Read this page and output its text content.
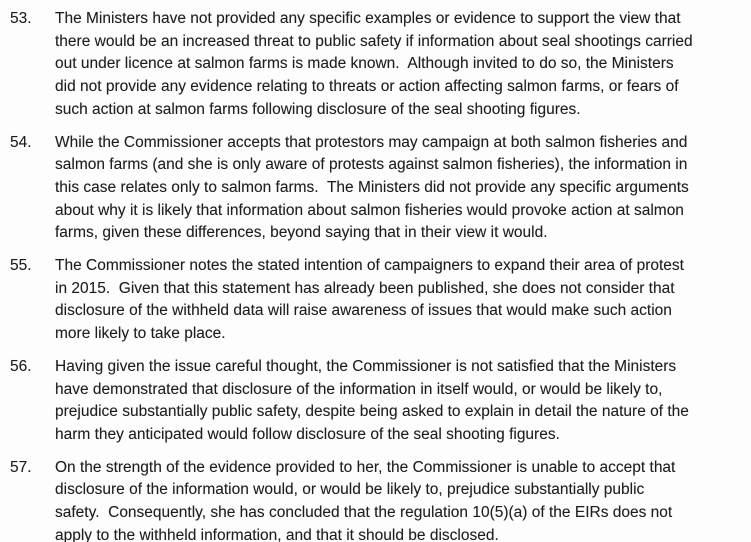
53.	The Ministers have not provided any specific examples or evidence to support the view that
there would be an increased threat to public safety if information about seal shootings carried
out under licence at salmon farms is made known.  Although invited to do so, the Ministers
did not provide any evidence relating to threats or action affecting salmon farms, or fears of
such action at salmon farms following disclosure of the seal shooting figures.
54.	While the Commissioner accepts that protestors may campaign at both salmon fisheries and
salmon farms (and she is only aware of protests against salmon fisheries), the information in
this case relates only to salmon farms.  The Ministers did not provide any specific arguments
about why it is likely that information about salmon fisheries would provoke action at salmon
farms, given these differences, beyond saying that in their view it would.
55.	The Commissioner notes the stated intention of campaigners to expand their area of protest
in 2015.  Given that this statement has already been published, she does not consider that
disclosure of the withheld data will raise awareness of issues that would make such action
more likely to take place.
56.	Having given the issue careful thought, the Commissioner is not satisfied that the Ministers
have demonstrated that disclosure of the information in itself would, or would be likely to,
prejudice substantially public safety, despite being asked to explain in detail the nature of the
harm they anticipated would follow disclosure of the seal shooting figures.
57.	On the strength of the evidence provided to her, the Commissioner is unable to accept that
disclosure of the information would, or would be likely to, prejudice substantially public
safety.  Consequently, she has concluded that the regulation 10(5)(a) of the EIRs does not
apply to the withheld information, and that it should be disclosed.
